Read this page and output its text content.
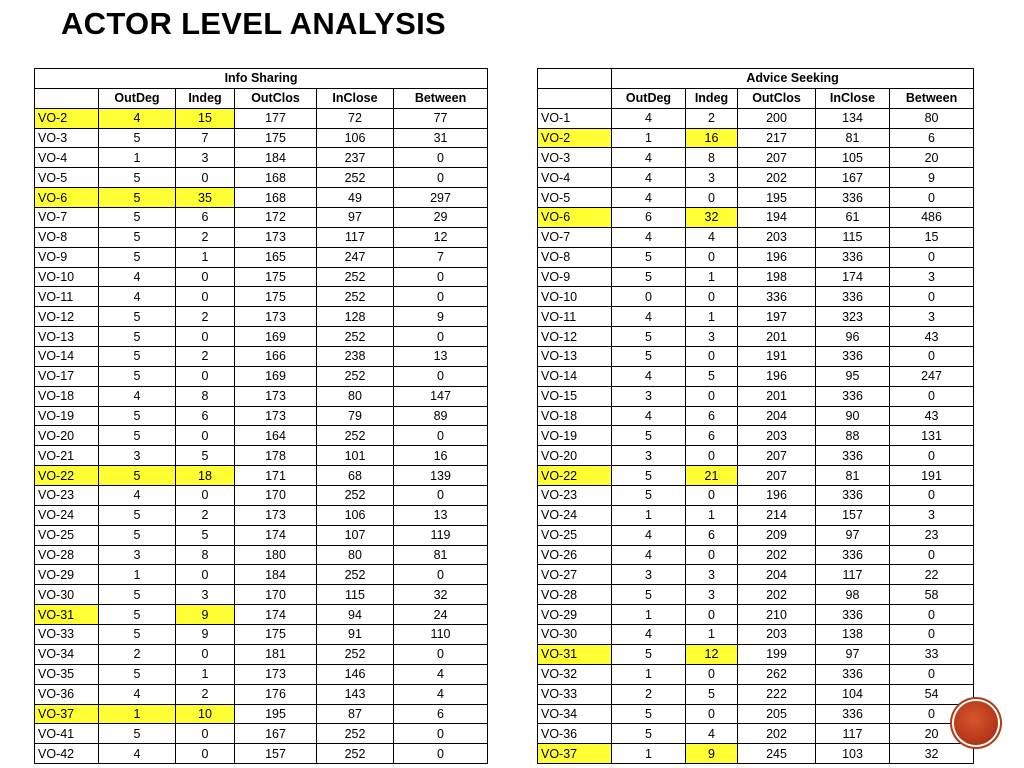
ACTOR LEVEL ANALYSIS
Info Sharing					
	OutDeg	Indeg	OutClos	InClose	Between
VO-2	4	15	177	72	77
VO-3	5	7	175	106	31
VO-4	1	3	184	237	0
VO-5	5	0	168	252	0
VO-6	5	35	168	49	297
VO-7	5	6	172	97	29
VO-8	5	2	173	117	12
VO-9	5	1	165	247	7
VO-10	4	0	175	252	0
VO-11	4	0	175	252	0
VO-12	5	2	173	128	9
VO-13	5	0	169	252	0
VO-14	5	2	166	238	13
VO-17	5	0	169	252	0
VO-18	4	8	173	80	147
VO-19	5	6	173	79	89
VO-20	5	0	164	252	0
VO-21	3	5	178	101	16
VO-22	5	18	171	68	139
VO-23	4	0	170	252	0
VO-24	5	2	173	106	13
VO-25	5	5	174	107	119
VO-28	3	8	180	80	81
VO-29	1	0	184	252	0
VO-30	5	3	170	115	32
VO-31	5	9	174	94	24
VO-33	5	9	175	91	110
VO-34	2	0	181	252	0
VO-35	5	1	173	146	4
VO-36	4	2	176	143	4
VO-37	1	10	195	87	6
VO-41	5	0	167	252	0
VO-42	4	0	157	252	0
	Advice Seeking				
	OutDeg	Indeg	OutClos	InClose	Between
VO-1	4	2	200	134	80
VO-2	1	16	217	81	6
VO-3	4	8	207	105	20
VO-4	4	3	202	167	9
VO-5	4	0	195	336	0
VO-6	6	32	194	61	486
VO-7	4	4	203	115	15
VO-8	5	0	196	336	0
VO-9	5	1	198	174	3
VO-10	0	0	336	336	0
VO-11	4	1	197	323	3
VO-12	5	3	201	96	43
VO-13	5	0	191	336	0
VO-14	4	5	196	95	247
VO-15	3	0	201	336	0
VO-18	4	6	204	90	43
VO-19	5	6	203	88	131
VO-20	3	0	207	336	0
VO-22	5	21	207	81	191
VO-23	5	0	196	336	0
VO-24	1	1	214	157	3
VO-25	4	6	209	97	23
VO-26	4	0	202	336	0
VO-27	3	3	204	117	22
VO-28	5	3	202	98	58
VO-29	1	0	210	336	0
VO-30	4	1	203	138	0
VO-31	5	12	199	97	33
VO-32	1	0	262	336	0
VO-33	2	5	222	104	54
VO-34	5	0	205	336	0
VO-36	5	4	202	117	20
VO-37	1	9	245	103	32
